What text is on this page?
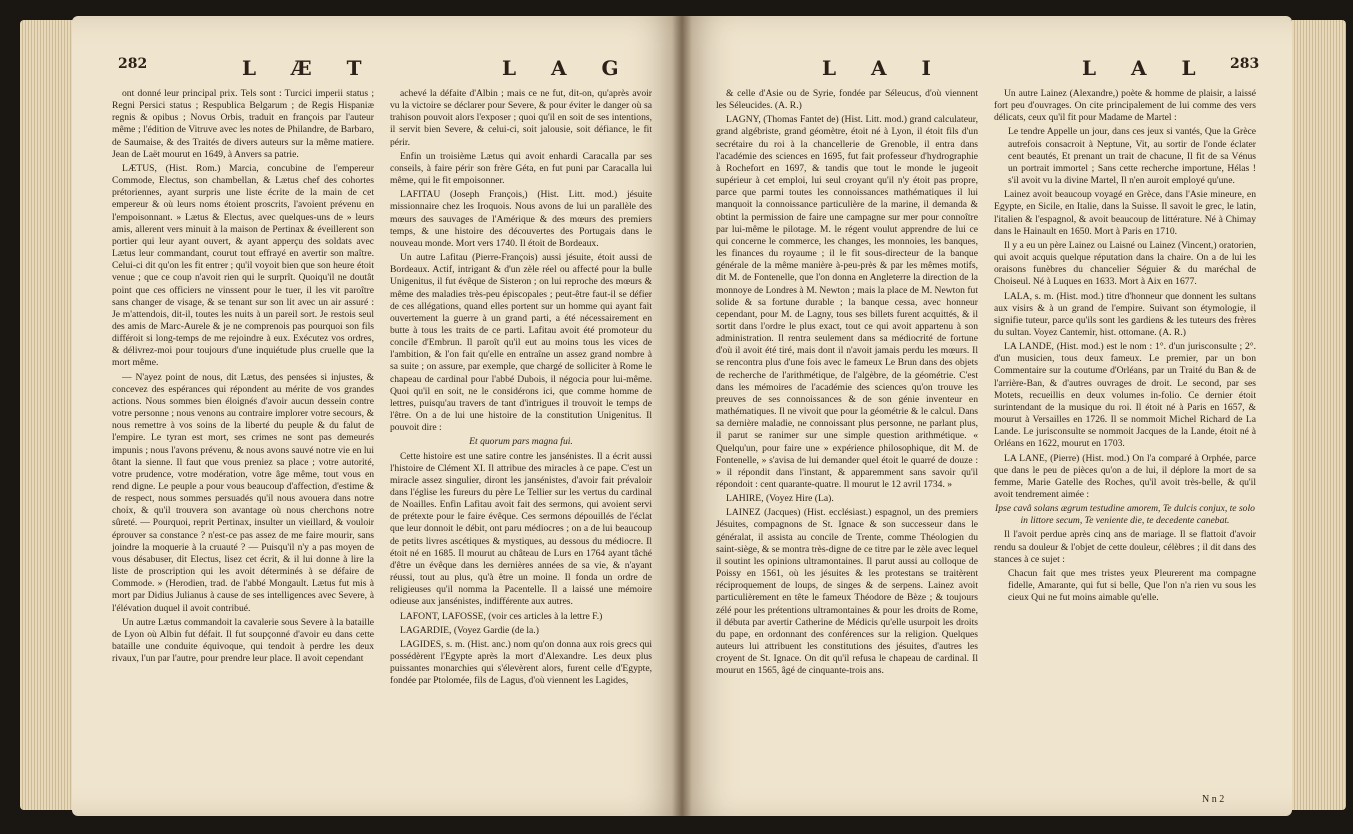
282	L Æ T	L A G

ont donné leur principal prix. Tels sont : Turcici imperii status ; Regni Persici status ; Respublica Belgarum ; de Regis Hispaniæ regnis & opibus ; Novus Orbis, traduit en françois par l'auteur même ; l'édition de Vitruve avec les notes de Philandre, de Barbaro, de Saumaise, & des Traités de divers auteurs sur la même matiere. Jean de Laët mourut en 1649, à Anvers sa patrie.

LÆTUS, (Hist. Rom.) Marcia, concubine de l'empereur Commode, Electus, son chambellan, & Lætus chef des cohortes prétoriennes, ayant surpris une liste écrite de la main de cet empereur & où leurs noms étoient proscrits, l'avoient prévenu en l'empoisonnant. » Lætus & Electus, avec quelques-uns de » leurs amis, allerent vers minuit à la maison de Pertinax & éveillerent son portier qui leur ayant ouvert, & ayant apperçu des soldats avec Lætus leur commandant, courut tout effrayé en avertir son maître. Celui-ci dit qu'on les fit entrer ; qu'il voyoit bien que son heure étoit venue ; que ce coup n'avoit rien qui le surprît. Quoiqu'il ne doutât point que ces officiers ne vinssent pour le tuer, il les vit paroître sans changer de visage, & se tenant sur son lit avec un air assuré : Je m'attendois, dit-il, toutes les nuits à un pareil sort. Je restois seul des amis de Marc-Aurele & je ne comprenois pas pourquoi son fils différoit si long-temps de me rejoindre à eux. Exécutez vos ordres, & délivrez-moi pour toujours d'une inquiétude plus cruelle que la mort même.

— N'ayez point de nous, dit Lætus, des pensées si injustes, & concevez des espérances qui répondent au mérite de vos grandes actions. Nous sommes bien éloignés d'avoir aucun dessein contre votre personne ; nous venons au contraire implorer votre secours, & nous remettre à vos soins de la liberté du peuple & du falut de l'empire. Le tyran est mort, ses crimes ne sont pas demeurés impunis ; nous l'avons prévenu, & nous avons sauvé notre vie en lui ôtant la sienne. Il faut que vous preniez sa place ; votre autorité, votre prudence, votre modération, votre âge même, tout vous en rend digne. Le peuple a pour vous beaucoup d'affection, d'estime & de respect, nous sommes persuadés qu'il nous avouera dans notre choix, & qu'il trouvera son avantage où nous cherchons notre sûreté. — Pourquoi, reprit Pertinax, insulter un vieillard, & vouloir éprouver sa constance ? n'est-ce pas assez de me faire mourir, sans joindre la moquerie à la cruauté ? — Puisqu'il n'y a pas moyen de vous désabuser, dit Electus, lisez cet écrit, & il lui donne à lire la liste de proscription qui les avoit déterminés à se défaire de Commode. » (Herodien, trad. de l'abbé Mongault. Lætus fut mis à mort par Didius Julianus à cause de ses intelligences avec Severe, à l'élévation duquel il avoit contribué.

Un autre Lætus commandoit la cavalerie sous Severe à la bataille de Lyon où Albin fut défait. Il fut soupçonné d'avoir eu dans cette bataille une conduite équivoque, qui tendoit à perdre les deux rivaux, l'un par l'autre, pour prendre leur place. Il avoit cependant

achevé la défaite d'Albin ; mais ce ne fut, dit-on, qu'après avoir vu la victoire se déclarer pour Severe, & pour éviter le danger où sa trahison pouvoit alors l'exposer ; quoi qu'il en soit de ses intentions, il servit bien Severe, & celui-ci, soit jalousie, soit défiance, le fit périr.

Enfin un troisième Lætus qui avoit enhardi Caracalla par ses conseils, à faire périr son frère Géta, en fut puni par Caracalla lui même, qui le fit empoisonner.

LAFITAU (Joseph François,) (Hist. Litt. mod.) jésuite missionnaire chez les Iroquois. Nous avons de lui un parallèle des mœurs des sauvages de l'Amérique & des mœurs des premiers temps, & une histoire des découvertes des Portugais dans le nouveau monde. Mort vers 1740. Il étoit de Bordeaux.

Un autre Lafitau (Pierre-François) aussi jésuite, étoit aussi de Bordeaux. Actif, intrigant & d'un zèle réel ou affecté pour la bulle Unigenitus, il fut évêque de Sisteron ; on lui reproche des mœurs & même des maladies très-peu épiscopales ; peut-être faut-il se défier de ces allégations, quand elles portent sur un homme qui ayant fait ouvertement la guerre à un grand parti, a été nécessairement en butte à tous les traits de ce parti. Lafitau avoit été promoteur du concile d'Embrun. Il paroît qu'il eut au moins tous les vices de l'ambition, & l'on fait qu'elle en entraîne un assez grand nombre à sa suite ; on assure, par exemple, que chargé de solliciter à Rome le chapeau de cardinal pour l'abbé Dubois, il négocia pour lui-même. Quoi qu'il en soit, ne le considérons ici, que comme homme de lettres, puisqu'au travers de tant d'intrigues il trouvoit le temps de l'être. On a de lui une histoire de la constitution Unigenitus. Il pouvoit dire :

Et quorum pars magna fui.

Cette histoire est une satire contre les jansénistes. Il a écrit aussi l'histoire de Clément XI. Il attribue des miracles à ce pape. C'est un miracle assez singulier, diront les jansénistes, d'avoir fait prévaloir dans l'église les fureurs du père Le Tellier sur les vertus du cardinal de Noailles. Enfin Lafitau avoit fait des sermons, qui avoient servi de prétexte pour le faire évêque. Ces sermons dépouillés de l'éclat que leur donnoit le débit, ont paru médiocres ; on a de lui beaucoup de petits livres ascétiques & mystiques, au dessous du médiocre. Il étoit né en 1685. Il mourut au château de Lurs en 1764 ayant tâché d'être un évêque dans les dernières années de sa vie, & n'ayant réussi, tout au plus, qu'à être un moine. Il fonda un ordre de religieuses qu'il nomma la Pacentelle. Il a laissé une mémoire odieuse aux jansénistes, indifférente aux autres.

LAFONT, LAFOSSE, (voir ces articles à la lettre F.)

LAGARDIE, (Voyez Gardie (de la.)

LAGIDES, s. m. (Hist. anc.) nom qu'on donna aux rois grecs qui possédèrent l'Egypte après la mort d'Alexandre. Les deux plus puissantes monarchies qui s'élevèrent alors, furent celle d'Egypte, fondée par Ptolomée, fils de Lagus, d'où viennent les Lagides,

L A I	L A L 283

& celle d'Asie ou de Syrie, fondée par Séleucus, d'où viennent les Séleucides. (A. R.)

LAGNY, (Thomas Fantet de) (Hist. Litt. mod.) grand calculateur, grand algébriste, grand géomètre, étoit né à Lyon, il étoit fils d'un secrétaire du roi à la chancellerie de Grenoble, il entra dans l'académie des sciences en 1695, fut fait professeur d'hydrographie à Rochefort en 1697, & tandis que tout le monde le jugeoit supérieur à cet emploi, lui seul croyant qu'il n'y étoit pas propre, parce que parmi toutes les connoissances mathématiques il lui manquoit la connoissance particulière de la marine, il demanda & obtint la permission de faire une campagne sur mer pour connoître par lui-même le pilotage. M. le régent voulut apprendre de lui ce qui concerne le commerce, les changes, les monnoies, les banques, les finances du royaume ; il le fit sous-directeur de la banque générale de la même manière à-peu-près & par les mêmes motifs, dit M. de Fontenelle, que l'on donna en Angleterre la direction de la monnoye de Londres à M. Newton ; mais la place de M. Newton fut solide & sa fortune durable ; la banque cessa, avec honneur cependant, pour M. de Lagny, tous ses billets furent acquittés, & il sortit dans l'ordre le plus exact, tout ce qui avoit appartenu à son administration. Il rentra seulement dans sa médiocrité de fortune d'où il avoit été tiré, mais dont il n'avoit jamais perdu les mœurs. Il se rencontra plus d'une fois avec le fameux Le Brun dans des objets de recherche de l'arithmétique, de l'algèbre, de la géométrie. C'est dans les mémoires de l'académie des sciences qu'on trouve les preuves de ses connoissances & de son génie inventeur en mathématiques. Il ne vivoit que pour la géométrie & le calcul. Dans sa dernière maladie, ne connoissant plus personne, ne parlant plus, il parut se ranimer sur une simple question arithmétique. « Quelqu'un, pour faire une » expérience philosophique, dit M. de Fontenelle, » s'avisa de lui demander quel étoit le quarré de douze : » il répondit dans l'instant, & apparemment sans savoir qu'il répondoit : cent quarante-quatre. Il mourut le 12 avril 1734. »

LAHIRE, (Voyez Hire (La).

LAINEZ (Jacques) (Hist. ecclésiast.) espagnol, un des premiers Jésuites, compagnons de St. Ignace & son successeur dans le généralat, il assista au concile de Trente, comme Théologien du saint-siège, & se montra très-digne de ce titre par le zèle avec lequel il soutint les opinions ultramontaines. Il parut aussi au colloque de Poissy en 1561, où les jésuites & les protestans se traitèrent réciproquement de loups, de singes & de serpens. Lainez avoit particulièrement en tête le fameux Théodore de Bèze ; & toujours zélé pour les prétentions ultramontaines & pour les droits de Rome, il débuta par avertir Catherine de Médicis qu'elle usurpoit les droits du pape, en ordonnant des conférences sur la religion. Quelques auteurs lui attribuent les constitutions des jésuites, d'autres les croyent de St. Ignace. On dit qu'il refusa le chapeau de cardinal. Il mourut en 1565, âgé de cinquante-trois ans.

Un autre Lainez (Alexandre,) poète & homme de plaisir, a laissé fort peu d'ouvrages. On cite principalement de lui comme des vers délicats, ceux qu'il fit pour Madame de Martel :

Le tendre Appelle un jour, dans ces jeux si vantés, Que la Grèce autrefois consacroit à Neptune, Vit, au sortir de l'onde éclater cent beautés, Et prenant un trait de chacune, Il fit de sa Vénus un portrait immortel ; Sans cette recherche importune, Hélas ! s'il avoit vu la divine Martel, Il n'en auroit employé qu'une.

Lainez avoit beaucoup voyagé en Grèce, dans l'Asie mineure, en Egypte, en Sicile, en Italie, dans la Suisse. Il savoit le grec, le latin, l'italien & l'espagnol, & avoit beaucoup de littérature. Né à Chimay dans le Hainault en 1650. Mort à Paris en 1710.

Il y a eu un père Lainez ou Laisné ou Lainez (Vincent,) oratorien, qui avoit acquis quelque réputation dans la chaire. On a de lui les oraisons funèbres du chancelier Séguier & du maréchal de Choiseul. Né à Luques en 1633. Mort à Aix en 1677.

LALA, s. m. (Hist. mod.) titre d'honneur que donnent les sultans aux visirs & à un grand de l'empire. Suivant son étymologie, il signifie tuteur, parce qu'ils sont les gardiens & les tuteurs des frères du sultan. Voyez Cantemir, hist. ottomane. (A. R.)

LA LANDE, (Hist. mod.) est le nom : 1°. d'un jurisconsulte ; 2°. d'un musicien, tous deux fameux. Le premier, par un bon Commentaire sur la coutume d'Orléans, par un Traité du Ban & de l'arrière-Ban, & d'autres ouvrages de droit. Le second, par ses Motets, recueillis en deux volumes in-folio. Ce dernier étoit surintendant de la musique du roi. Il étoit né à Paris en 1657, & mourut à Versailles en 1726. Il se nommoit Michel Richard de La Lande. Le jurisconsulte se nommoit Jacques de la Lande, étoit né à Orléans en 1622, mourut en 1703.

LA LANE, (Pierre) (Hist. mod.) On l'a comparé à Orphée, parce que dans le peu de pièces qu'on a de lui, il déplore la mort de sa femme, Marie Gatelle des Roches, qu'il avoit très-belle, & qu'il avoit tendrement aimée :

Ipse cavâ solans ægrum testudine amorem, Te dulcis conjux, te solo in littore secum, Te veniente die, te decedente canebat.

Il l'avoit perdue après cinq ans de mariage. Il se flattoit d'avoir rendu sa douleur & l'objet de cette douleur, célèbres ; il dit dans des stances à ce sujet :

Chacun fait que mes tristes yeux Pleurerent ma compagne fidelle, Amarante, qui fut si belle, Que l'on n'a rien vu sous les cieux Qui ne fut moins aimable qu'elle.

N n 2
